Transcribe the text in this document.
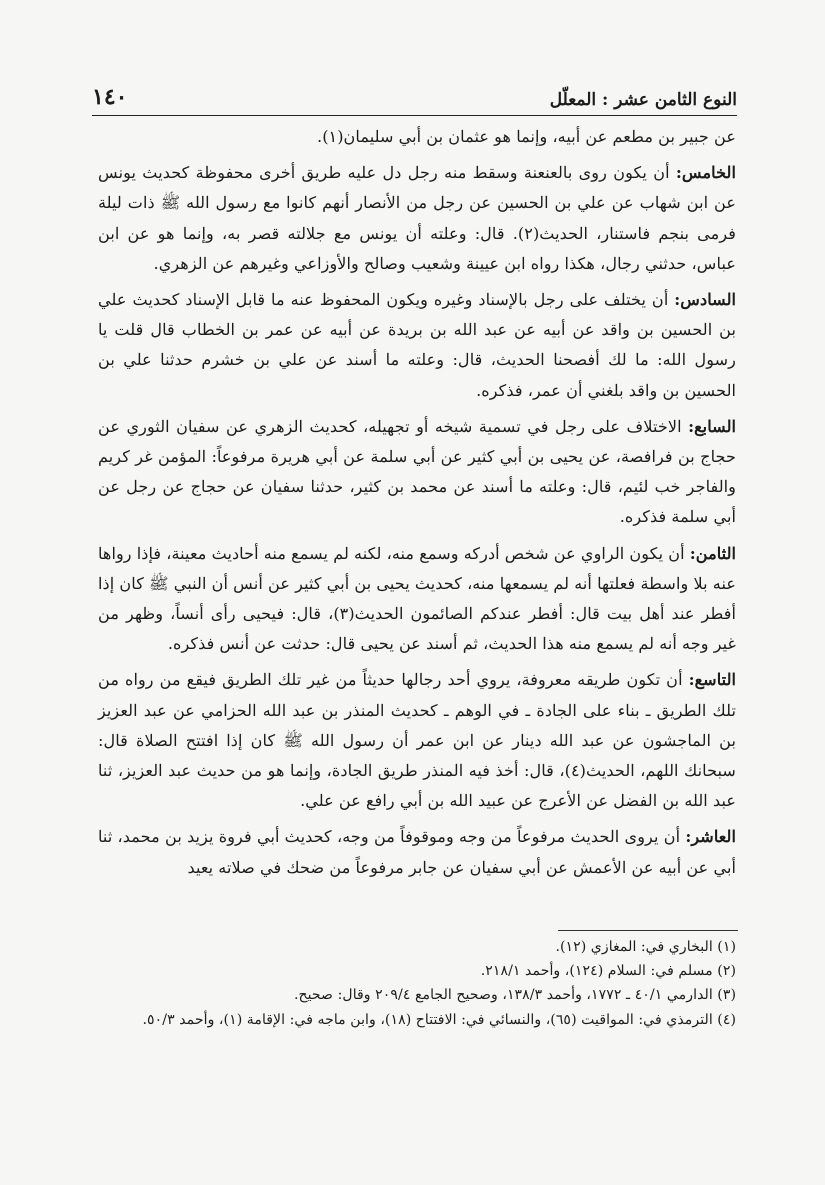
١٤٠	النوع الثامن عشر : المعلّل

عن جبير بن مطعم عن أبيه، وإنما هو عثمان بن أبي سليمان(١).

الخامس: أن يكون روى بالعنعنة وسقط منه رجل دل عليه طريق أخرى محفوظة كحديث يونس عن ابن شهاب عن علي بن الحسين عن رجل من الأنصار أنهم كانوا مع رسول الله ﷺ ذات ليلة فرمى بنجم فاستنار، الحديث(٢). قال: وعلته أن يونس مع جلالته قصر به، وإنما هو عن ابن عباس، حدثني رجال، هكذا رواه ابن عيينة وشعيب وصالح والأوزاعي وغيرهم عن الزهري.

السادس: أن يختلف على رجل بالإسناد وغيره ويكون المحفوظ عنه ما قابل الإسناد كحديث علي بن الحسين بن واقد عن أبيه عن عبد الله بن بريدة عن أبيه عن عمر بن الخطاب قال قلت يا رسول الله: ما لك أفصحنا الحديث، قال: وعلته ما أسند عن علي بن خشرم حدثنا علي بن الحسين بن واقد بلغني أن عمر، فذكره.

السابع: الاختلاف على رجل في تسمية شيخه أو تجهيله، كحديث الزهري عن سفيان الثوري عن حجاج بن فرافصة، عن يحيى بن أبي كثير عن أبي سلمة عن أبي هريرة مرفوعاً: المؤمن غر كريم والفاجر خب لئيم، قال: وعلته ما أسند عن محمد بن كثير، حدثنا سفيان عن حجاج عن رجل عن أبي سلمة فذكره.

الثامن: أن يكون الراوي عن شخص أدركه وسمع منه، لكنه لم يسمع منه أحاديث معينة، فإذا رواها عنه بلا واسطة فعلتها أنه لم يسمعها منه، كحديث يحيى بن أبي كثير عن أنس أن النبي ﷺ كان إذا أفطر عند أهل بيت قال: أفطر عندكم الصائمون الحديث(٣)، قال: فيحيى رأى أنساً، وظهر من غير وجه أنه لم يسمع منه هذا الحديث، ثم أسند عن يحيى قال: حدثت عن أنس فذكره.

التاسع: أن تكون طريقه معروفة، يروي أحد رجالها حديثاً من غير تلك الطريق فيقع من رواه من تلك الطريق ـ بناء على الجادة ـ في الوهم ـ كحديث المنذر بن عبد الله الحزامي عن عبد العزيز بن الماجشون عن عبد الله دينار عن ابن عمر أن رسول الله ﷺ كان إذا افتتح الصلاة قال: سبحانك اللهم، الحديث(٤)، قال: أخذ فيه المنذر طريق الجادة، وإنما هو من حديث عبد العزيز، ثنا عبد الله بن الفضل عن الأعرج عن عبيد الله بن أبي رافع عن علي.

العاشر: أن يروى الحديث مرفوعاً من وجه وموقوفاً من وجه، كحديث أبي فروة يزيد بن محمد، ثنا أبي عن أبيه عن الأعمش عن أبي سفيان عن جابر مرفوعاً من ضحك في صلاته يعيد

(١) البخاري في: المغازي (١٢).

(٢) مسلم في: السلام (١٢٤)، وأحمد ٢١٨/١.

(٣) الدارمي ٤٠/١ ـ ١٧٧٢، وأحمد ١٣٨/٣، وصحيح الجامع ٢٠٩/٤ وقال: صحيح.

(٤) الترمذي في: المواقيت (٦٥)، والنسائي في: الافتتاح (١٨)، وابن ماجه في: الإقامة (١)، وأحمد ٥٠/٣.
